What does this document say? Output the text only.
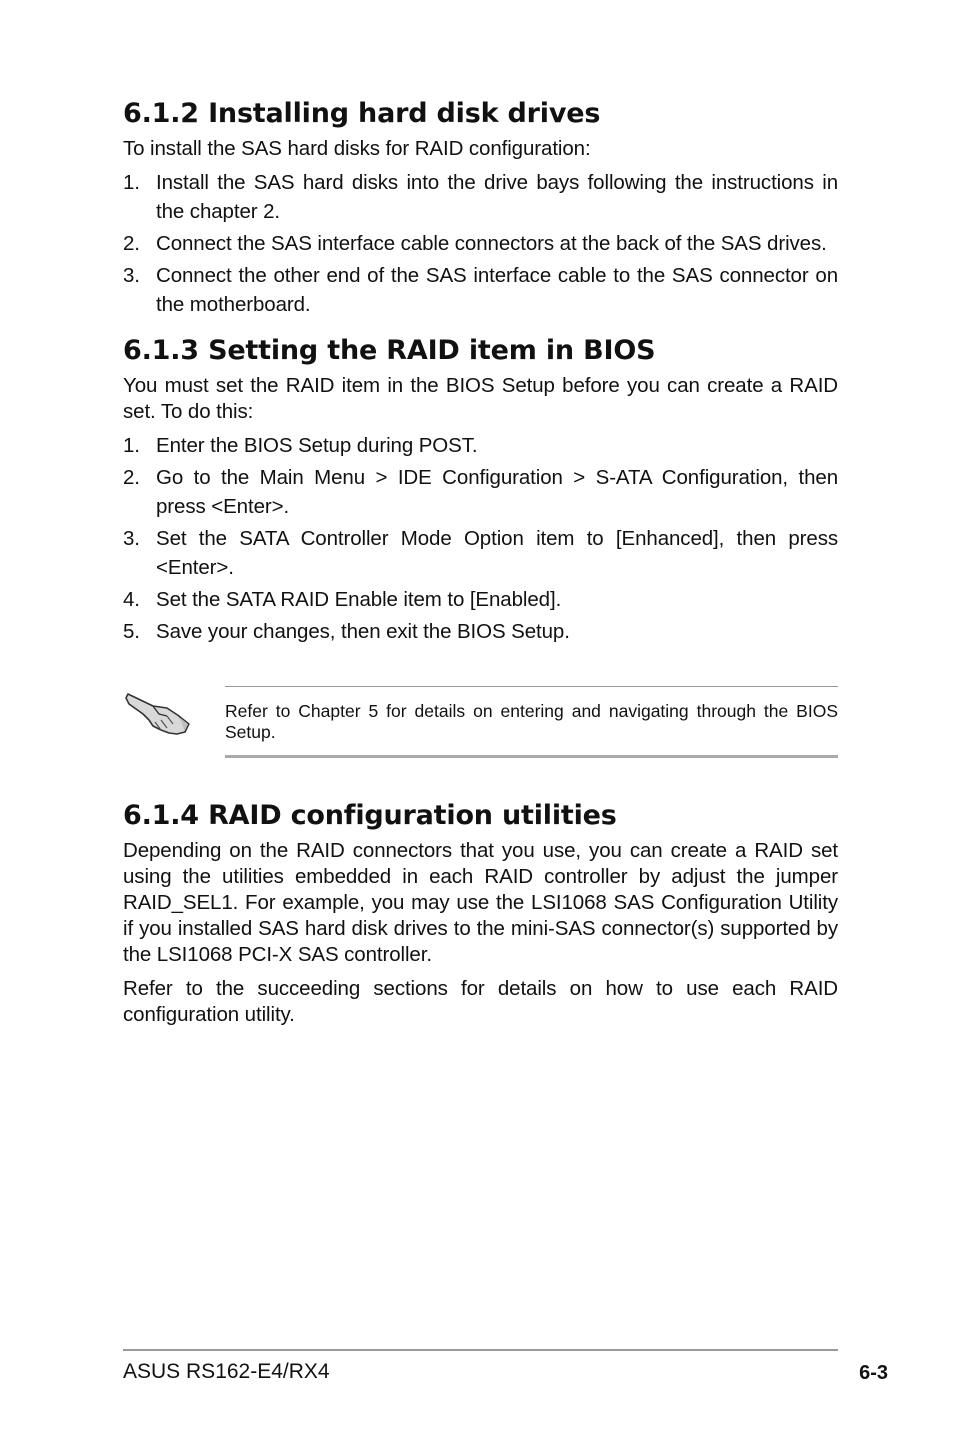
6.1.2 Installing hard disk drives

To install the SAS hard disks for RAID configuration:

1. Install the SAS hard disks into the drive bays following the instructions in the chapter 2.
2. Connect the SAS interface cable connectors at the back of the SAS drives.
3. Connect the other end of the SAS interface cable to the SAS connector on the motherboard.
6.1.3 Setting the RAID item in BIOS

You must set the RAID item in the BIOS Setup before you can create a RAID set. To do this:

1. Enter the BIOS Setup during POST.
2. Go to the Main Menu > IDE Configuration > S-ATA Configuration, then press <Enter>.
3. Set the SATA Controller Mode Option item to [Enhanced], then press <Enter>.
4. Set the SATA RAID Enable item to [Enabled].
5. Save your changes, then exit the BIOS Setup.

Refer to Chapter 5 for details on entering and navigating through the BIOS Setup.

6.1.4 RAID configuration utilities

Depending on the RAID connectors that you use, you can create a RAID set using the utilities embedded in each RAID controller by adjust the jumper RAID_SEL1. For example, you may use the LSI1068 SAS Configuration Utility if you installed SAS hard disk drives to the mini-SAS connector(s) supported by the LSI1068 PCI-X SAS controller.

Refer to the succeeding sections for details on how to use each RAID configuration utility.

ASUS RS162-E4/RX4	6-3
